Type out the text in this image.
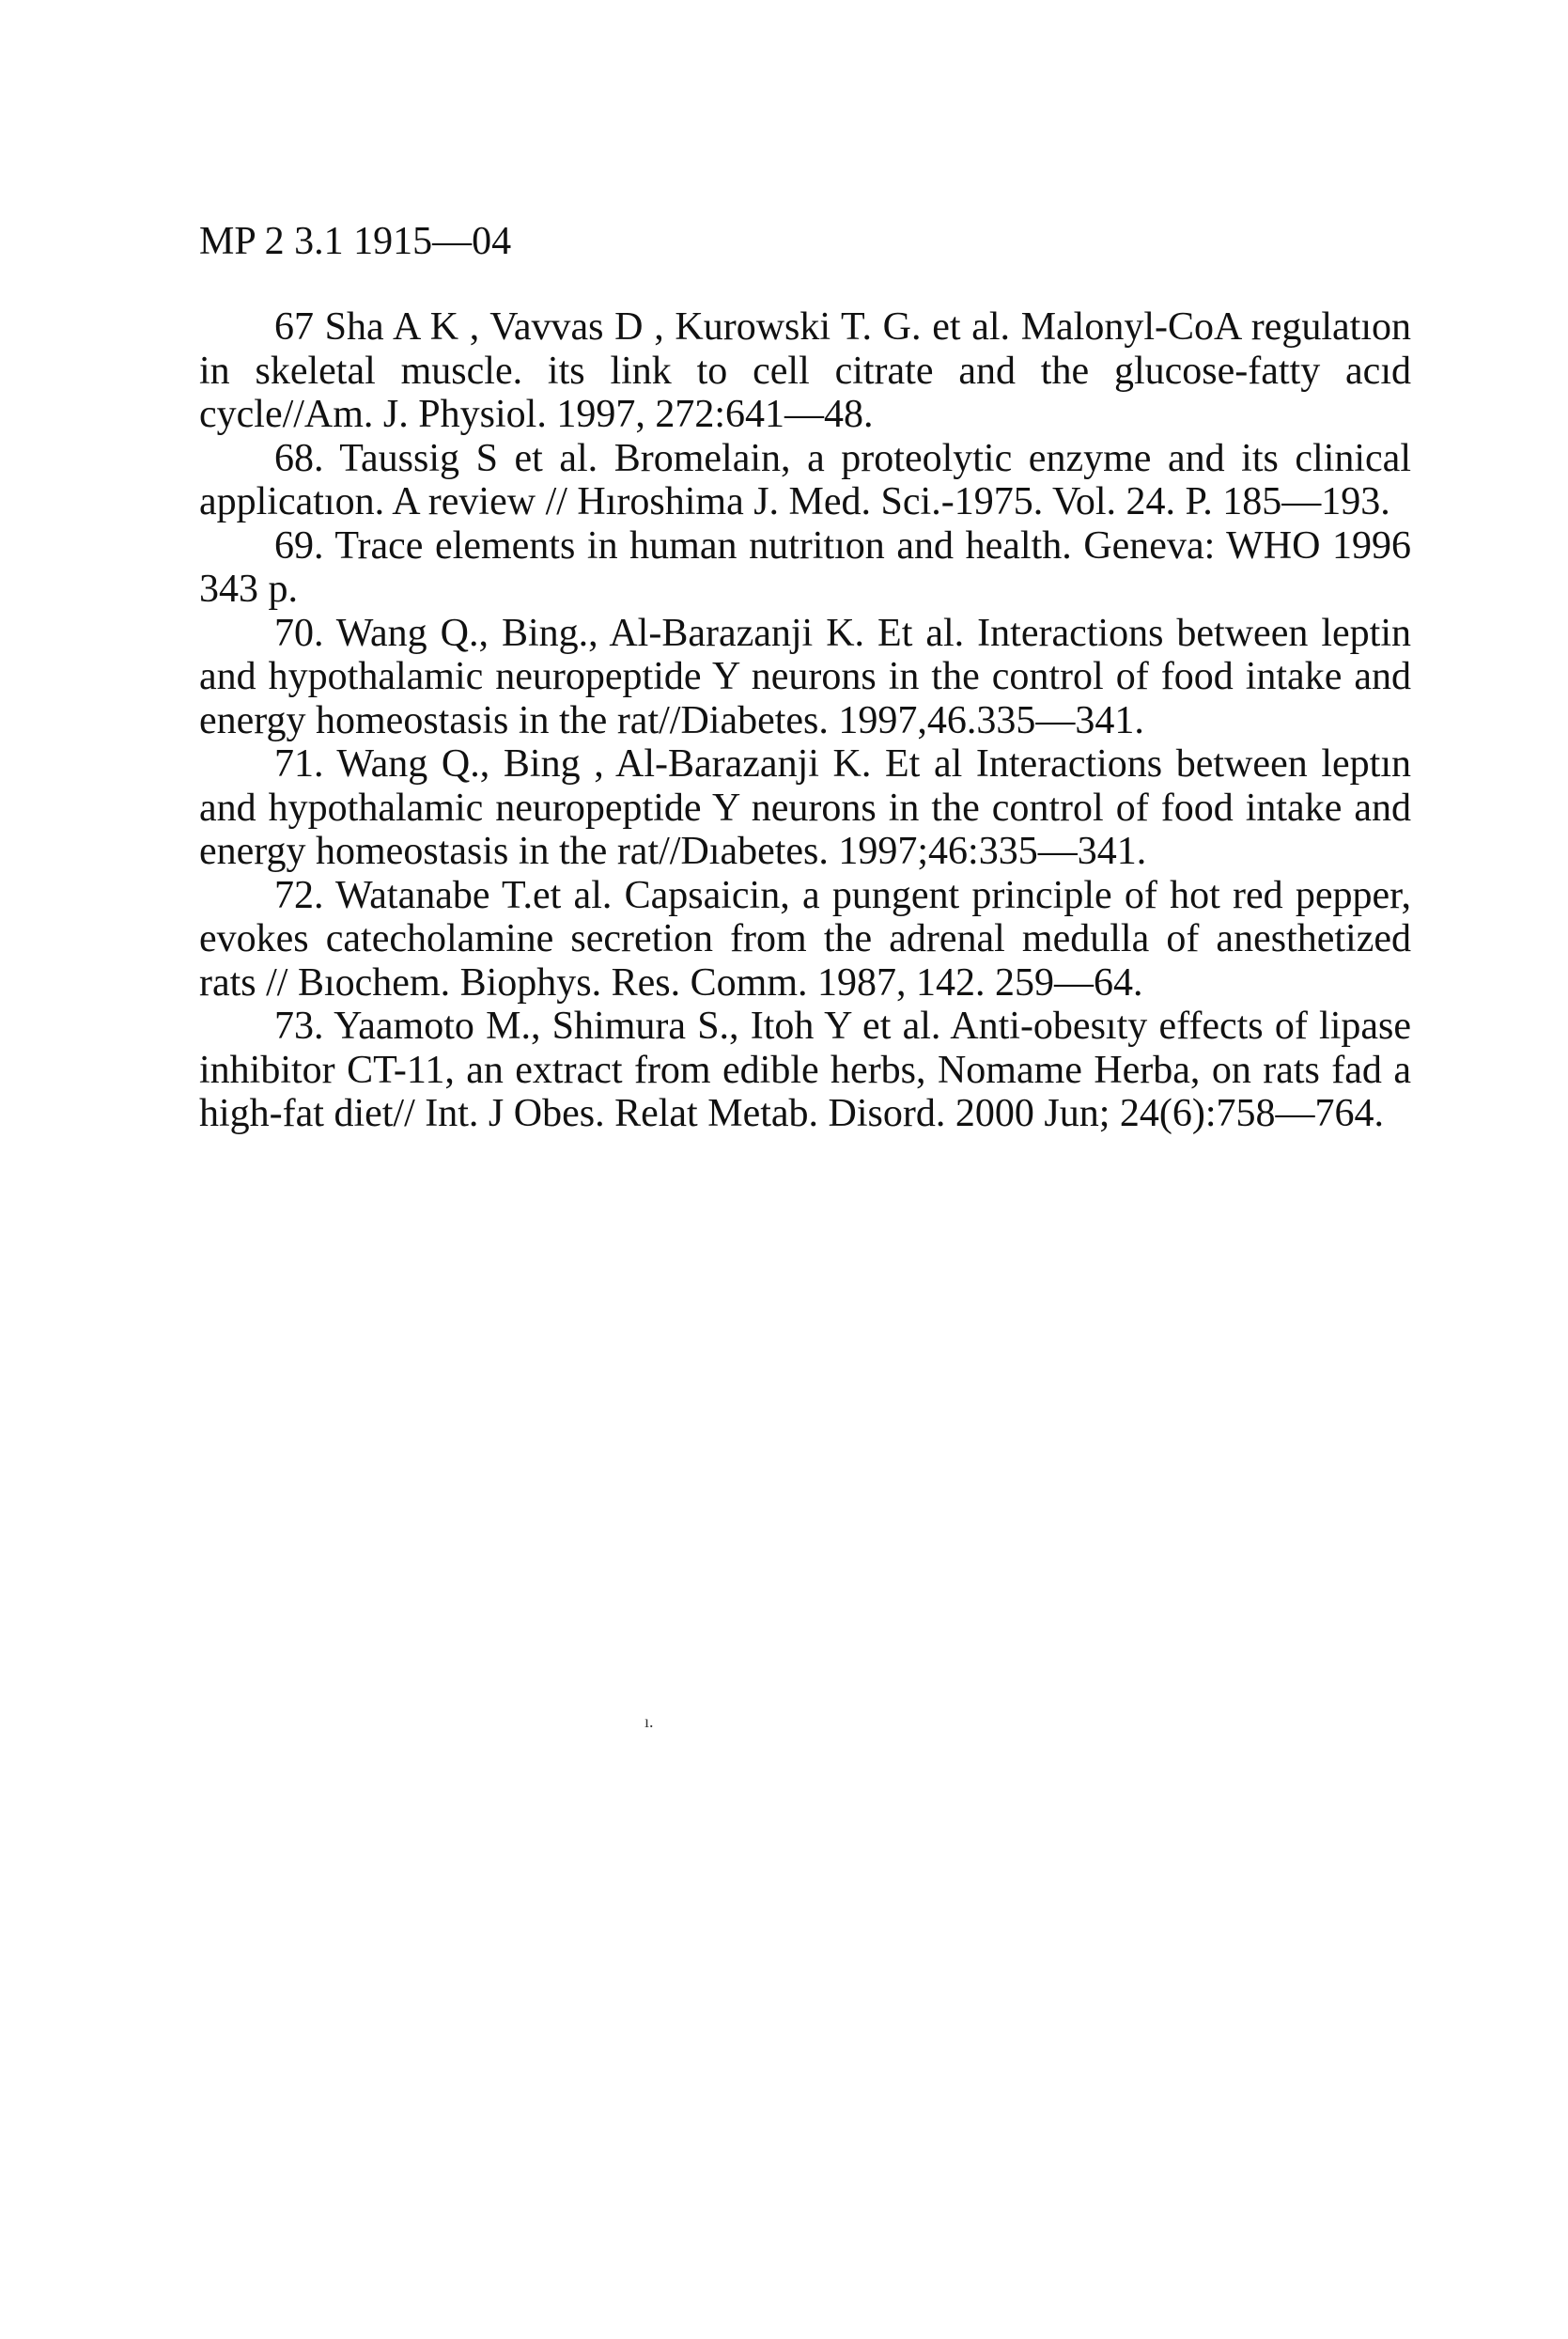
MP 2 3.1 1915—04

67 Sha A K , Vavvas D , Kurowski T. G. et al. Malonyl-CoA regulatıon in skeletal muscle. its link to cell citrate and the glucose-fatty acıd cycle//Am. J. Physiol. 1997, 272:641—48.

68. Taussig S et al. Bromelain, a proteolytic enzyme and its clinical applicatıon. A review // Hıroshima J. Med. Sci.-1975. Vol. 24. P. 185—193.

69. Trace elements in human nutritıon and health. Geneva: WHO 1996 343 p.

70. Wang Q., Bing., Al-Barazanji K. Et al. Interactions between leptin and hypothalamic neuropeptide Y neurons in the control of food intake and energy homeostasis in the rat//Diabetes. 1997,46.335—341.

71. Wang Q., Bing , Al-Barazanji K. Et al Interactions between leptın and hypothalamic neuropeptide Y neurons in the control of food intake and energy homeostasis in the rat//Dıabetes. 1997;46:335—341.

72. Watanabe T.et al. Capsaicin, a pungent principle of hot red pepper, evokes catecholamine secretion from the adrenal medulla of anesthetized rats // Bıochem. Biophys. Res. Comm. 1987, 142. 259—64.

73. Yaamoto M., Shimura S., Itoh Y et al. Anti-obesıty effects of lipase inhibitor CT-11, an extract from edible herbs, Nomame Herba, on rats fad a high-fat diet// Int. J Obes. Relat Metab. Disord. 2000 Jun; 24(6):758—764.

ı.
